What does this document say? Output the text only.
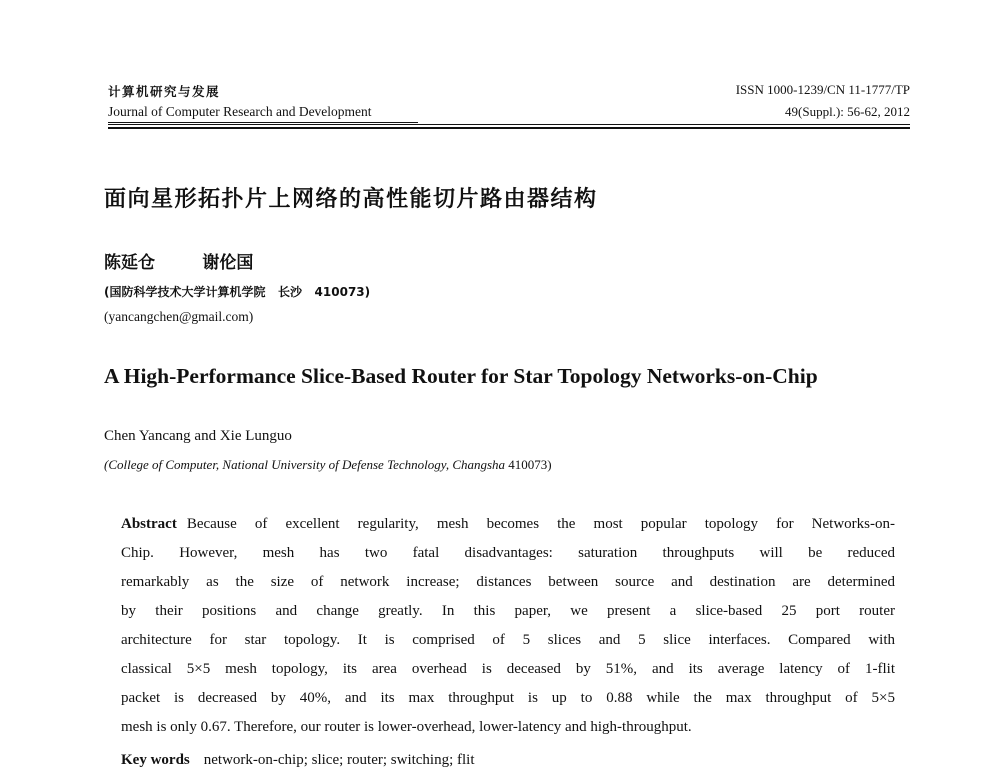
计算机研究与发展
Journal of Computer Research and Development
ISSN 1000-1239/CN 11-1777/TP
49(Suppl.): 56-62, 2012
面向星形拓扑片上网络的高性能切片路由器结构
陈延仓        谢伦国
(国防科学技术大学计算机学院   长沙   410073)
(yancangchen@gmail.com)
A High-Performance Slice-Based Router for Star Topology Networks-on-Chip
Chen Yancang and Xie Lunguo
(College of Computer, National University of Defense Technology, Changsha 410073)
Abstract Because of excellent regularity, mesh becomes the most popular topology for Networks-on-
Chip. However, mesh has two fatal disadvantages: saturation throughputs will be reduced
remarkably as the size of network increase; distances between source and destination are determined
by their positions and change greatly. In this paper, we present a slice-based 25 port router
architecture for star topology. It is comprised of 5 slices and 5 slice interfaces. Compared with
classical 5×5 mesh topology, its area overhead is deceased by 51%, and its average latency of 1-flit
packet is decreased by 40%, and its max throughput is up to 0.88 while the max throughput of 5×5
mesh is only 0.67. Therefore, our router is lower-overhead, lower-latency and high-throughput.
Key words network-on-chip; slice; router; switching; flit
